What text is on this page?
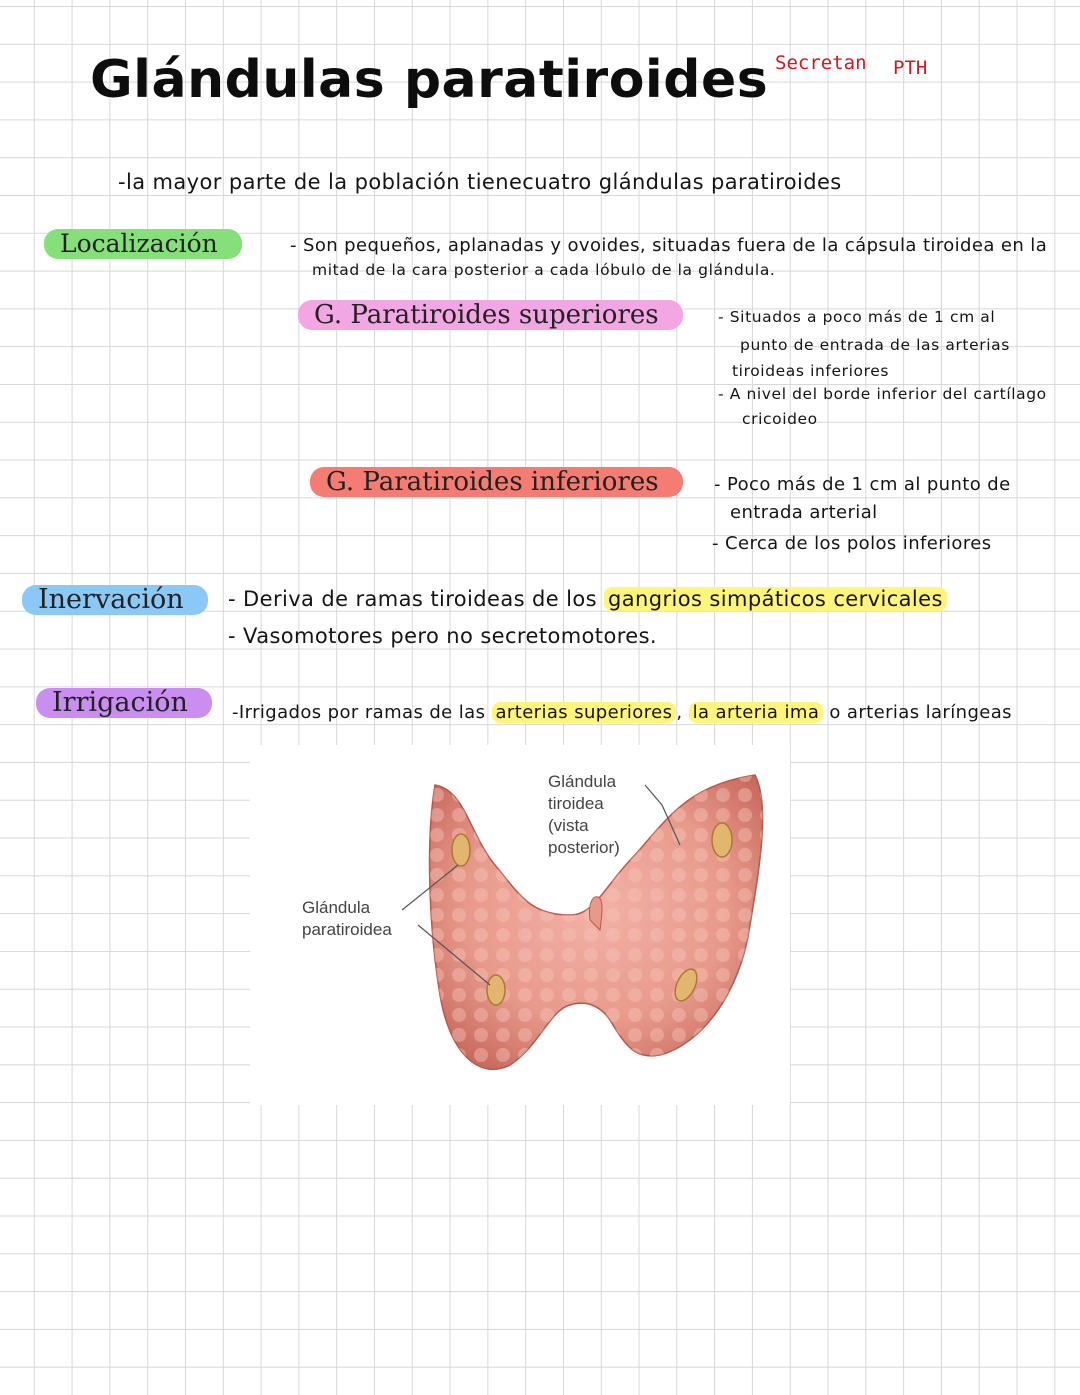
Glándulas paratiroides Secretan PTH
-la mayor parte de la población tienecuatro glándulas paratiroides
Localización	- Son pequeños, aplanadas y ovoides, situadas fuera de la cápsula tiroidea en la
mitad de la cara posterior a cada lóbulo de la glándula.
G. Paratiroides superiores	- Situados a poco más de 1 cm al
punto de entrada de las arterias
tiroideas inferiores
- A nivel del borde inferior del cartílago
cricoideo
G. Paratiroides inferiores	- Poco más de 1 cm al punto de
entrada arterial
- Cerca de los polos inferiores
Inervación	- Deriva de ramas tiroideas de los gangrios simpáticos cervicales
- Vasomotores pero no secretomotores.
Irrigación	-Irrigados por ramas de las arterias superiores , la arteria ima o arterias laríngeas
Glándula
tiroidea
(vista
posterior)
Glándula
paratiroidea
